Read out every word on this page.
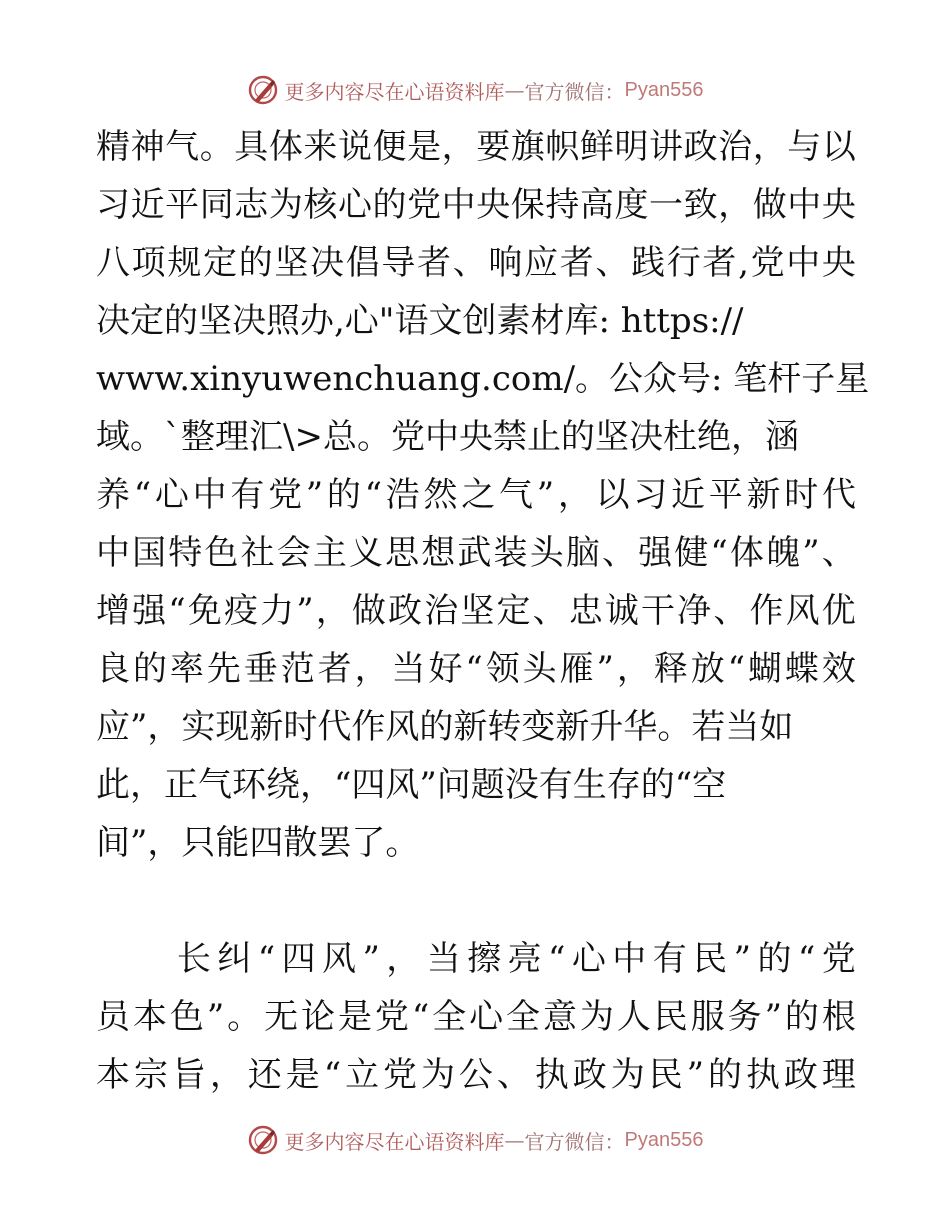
更多内容尽在心语资料库 — 官方微信： Pyan556
精 神 气 。 具 体 来 说 便 是 ， 要 旗 帜 鲜 明 讲 政 治 ， 与 以
习 近 平 同 志 为 核 心 的 党 中 央 保 持 高 度 一 致 ， 做 中 央
八 项 规 定 的 坚 决 倡 导 者 、 响 应 者 、 践 行 者 , 党 中 央
决定的坚决照办,心"语文创素材库: https://
www.xinyuwenchuang.com/。公众号: 笔杆子星
域。`整理汇\>总。党中央禁止的坚决杜绝，涵
养 “ 心 中 有 党 ” 的 “ 浩 然 之 气 ” ， 以 习 近 平 新 时 代
中 国 特 色 社 会 主 义 思 想 武 装 头 脑 、 强 健 “ 体 魄 ” 、
增 强 “ 免 疫 力 ” ， 做 政 治 坚 定 、 忠 诚 干 净 、 作 风 优
良 的 率 先 垂 范 者 ， 当 好 “ 领 头 雁 ” ， 释 放 “ 蝴 蝶 效
应”，实现新时代作风的新转变新升华。若当如
此，正气环绕，“四风”问题没有生存的“空
间”，只能四散罢了。

长 纠 “ 四 风 ” ， 当 擦 亮 “ 心 中 有 民 ” 的 “ 党
员 本 色 ” 。 无 论 是 党 “ 全 心 全 意 为 人 民 服 务 ” 的 根
本 宗 旨 ， 还 是 “ 立 党 为 公 、 执 政 为 民 ” 的 执 政 理
更多内容尽在心语资料库 — 官方微信： Pyan556
